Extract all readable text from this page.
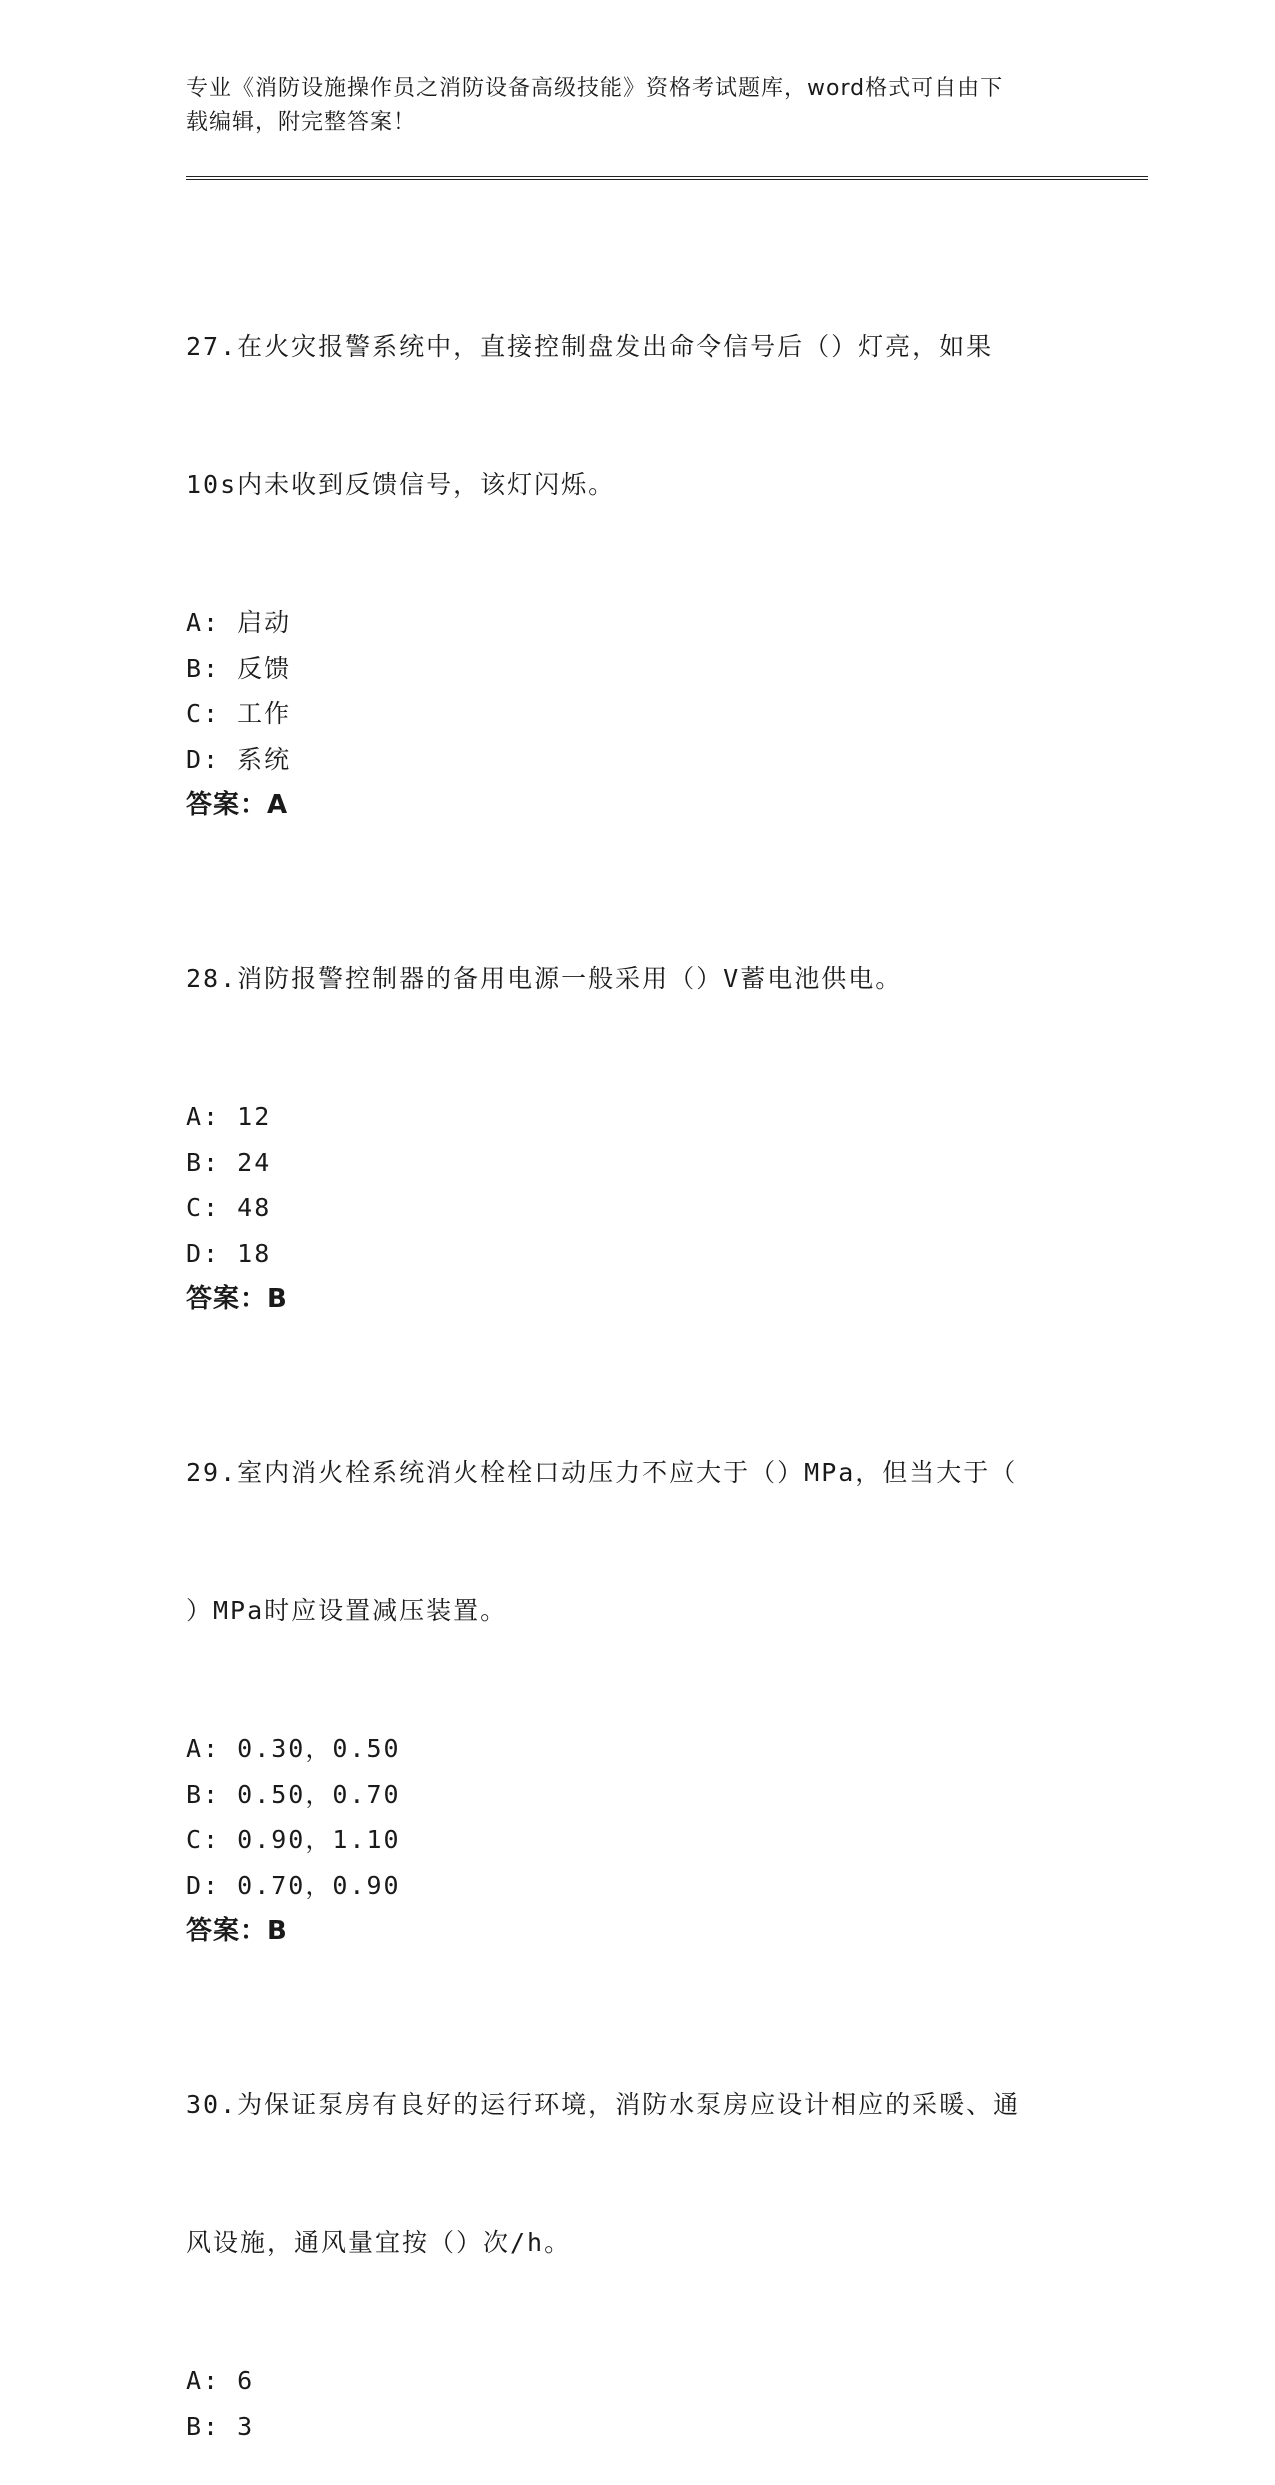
专业《消防设施操作员之消防设备高级技能》资格考试题库，word格式可自由下
载编辑，附完整答案！

27.在火灾报警系统中，直接控制盘发出命令信号后（）灯亮，如果

10s内未收到反馈信号，该灯闪烁。

A: 启动
B: 反馈
C: 工作
D: 系统
答案：A

28.消防报警控制器的备用电源一般采用（）V蓄电池供电。

A: 12
B: 24
C: 48
D: 18
答案：B

29.室内消火栓系统消火栓栓口动压力不应大于（）MPa，但当大于（

）MPa时应设置减压装置。

A: 0.30，0.50
B: 0.50，0.70
C: 0.90，1.10
D: 0.70，0.90
答案：B

30.为保证泵房有良好的运行环境，消防水泵房应设计相应的采暖、通

风设施，通风量宜按（）次/h。

A: 6
B: 3
